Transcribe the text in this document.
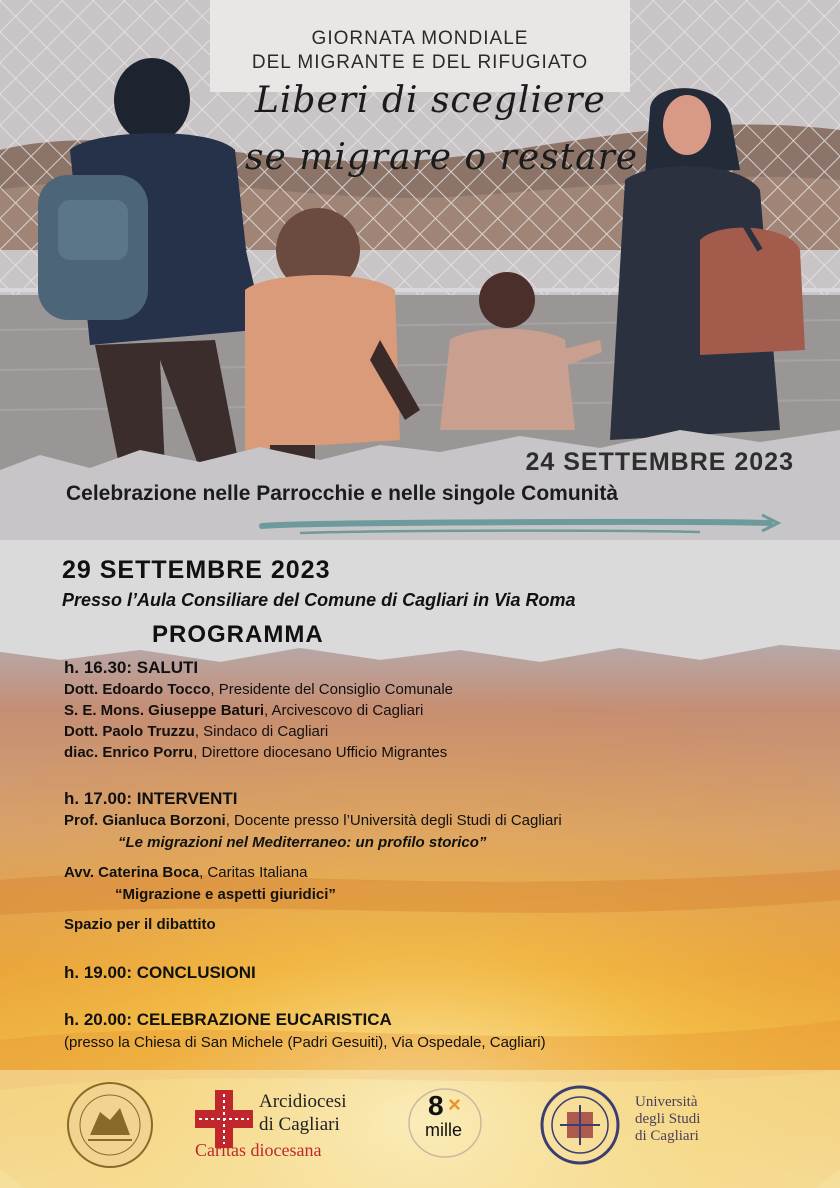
GIORNATA MONDIALE
DEL MIGRANTE E DEL RIFUGIATO
Liberi di scegliere
se migrare o restare
24 SETTEMBRE 2023
Celebrazione nelle Parrocchie e nelle singole Comunità
29 SETTEMBRE 2023
Presso l’Aula Consiliare del Comune di Cagliari in Via Roma
PROGRAMMA
h. 16.30: SALUTI
Dott. Edoardo Tocco, Presidente del Consiglio Comunale
S. E. Mons. Giuseppe Baturi, Arcivescovo di Cagliari
Dott. Paolo Truzzu, Sindaco di Cagliari
diac. Enrico Porru, Direttore diocesano Ufficio Migrantes
h. 17.00: INTERVENTI
Prof. Gianluca Borzoni, Docente presso l’Università degli Studi di Cagliari
“Le migrazioni nel Mediterraneo: un profilo storico”
Avv. Caterina Boca, Caritas Italiana
“Migrazione e aspetti giuridici”
Spazio per il dibattito
h. 19.00: CONCLUSIONI
h. 20.00: CELEBRAZIONE EUCARISTICA
(presso la Chiesa di San Michele (Padri Gesuiti), Via Ospedale, Cagliari)
Arcidiocesi
di Cagliari
Caritas diocesana
8 ×
mille
Università
degli Studi
di Cagliari
